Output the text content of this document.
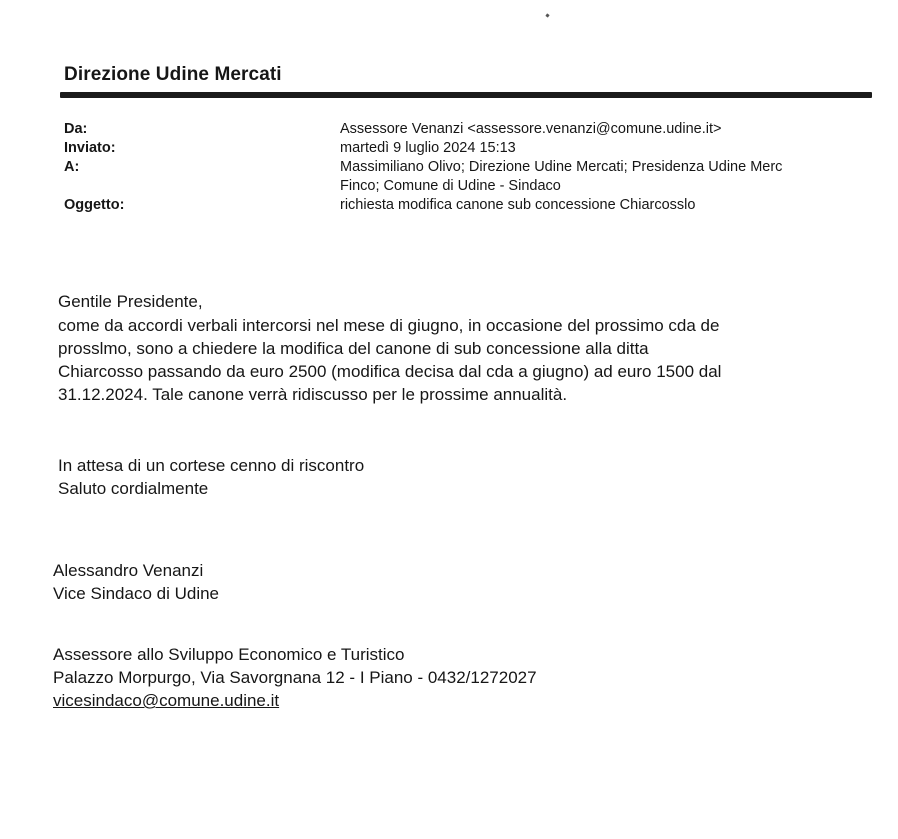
Direzione Udine Mercati
Da:	Assessore Venanzi <assessore.venanzi@comune.udine.it>
Inviato:	martedì 9 luglio 2024 15:13
A:	Massimiliano Olivo; Direzione Udine Mercati; Presidenza Udine Merc
Finco; Comune di Udine - Sindaco
Oggetto:	richiesta modifica canone sub concessione Chiarcosslo
Gentile Presidente,
come da accordi verbali intercorsi nel mese di giugno, in occasione del prossimo cda de
prosslmo, sono a chiedere la modifica del canone di sub concessione alla ditta
Chiarcosso passando da euro 2500 (modifica decisa dal cda a giugno) ad euro 1500 dal
31.12.2024. Tale canone verrà ridiscusso per le prossime annualità.
In attesa di un cortese cenno di riscontro
Saluto cordialmente
Alessandro Venanzi
Vice Sindaco di Udine
Assessore allo Sviluppo Economico e Turistico
Palazzo Morpurgo, Via Savorgnana 12 - I Piano - 0432/1272027
vicesindaco@comune.udine.it
